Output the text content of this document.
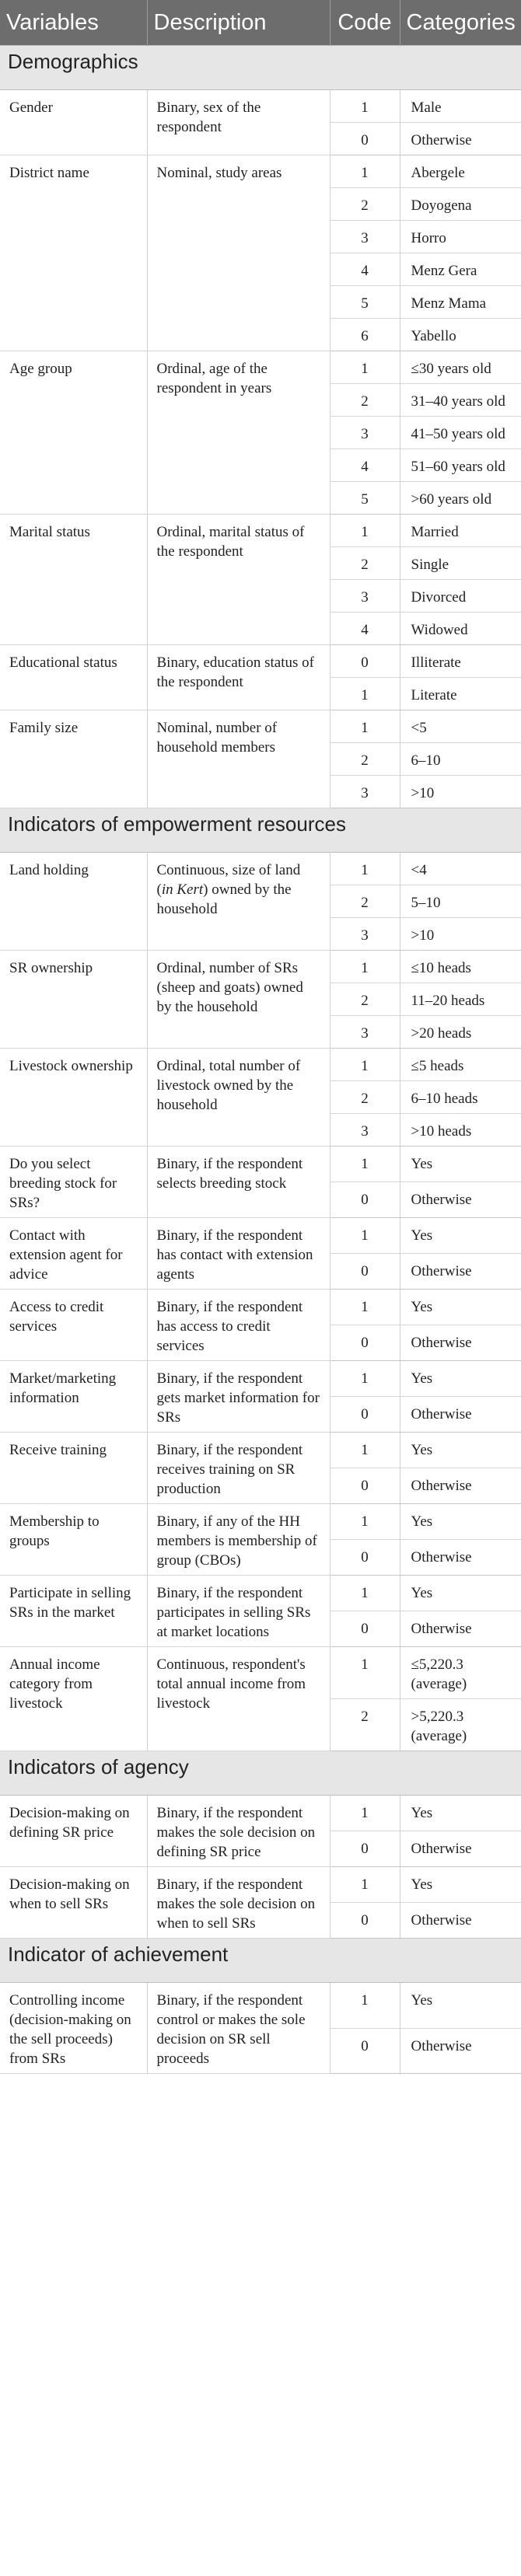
Variables	Description	Code	Categories
Demographics			
Gender	Binary, sex of the respondent	1	Male
		0	Otherwise
District name	Nominal, study areas	1	Abergele
		2	Doyogena
		3	Horro
		4	Menz Gera
		5	Menz Mama
		6	Yabello
Age group	Ordinal, age of the respondent in years	1	≤30 years old
		2	31–40 years old
		3	41–50 years old
		4	51–60 years old
		5	>60 years old
Marital status	Ordinal, marital status of the respondent	1	Married
		2	Single
		3	Divorced
		4	Widowed
Educational status	Binary, education status of the respondent	0	Illiterate
		1	Literate
Family size	Nominal, number of household members	1	<5
		2	6–10
		3	>10
Indicators of empowerment resources			
Land holding	Continuous, size of land (in Kert) owned by the household	1	<4
		2	5–10
		3	>10
SR ownership	Ordinal, number of SRs (sheep and goats) owned by the household	1	≤10 heads
		2	11–20 heads
		3	>20 heads
Livestock ownership	Ordinal, total number of livestock owned by the household	1	≤5 heads
		2	6–10 heads
		3	>10 heads
Do you select breeding stock for SRs?	Binary, if the respondent selects breeding stock	1	Yes
		0	Otherwise
Contact with extension agent for advice	Binary, if the respondent has contact with extension agents	1	Yes
		0	Otherwise
Access to credit services	Binary, if the respondent has access to credit services	1	Yes
		0	Otherwise
Market/marketing information	Binary, if the respondent gets market information for SRs	1	Yes
		0	Otherwise
Receive training	Binary, if the respondent receives training on SR production	1	Yes
		0	Otherwise
Membership to groups	Binary, if any of the HH members is membership of group (CBOs)	1	Yes
		0	Otherwise
Participate in selling SRs in the market	Binary, if the respondent participates in selling SRs at market locations	1	Yes
		0	Otherwise
Annual income category from livestock	Continuous, respondent's total annual income from livestock	1	≤5,220.3 (average)
		2	>5,220.3 (average)
Indicators of agency			
Decision-making on defining SR price	Binary, if the respondent makes the sole decision on defining SR price	1	Yes
		0	Otherwise
Decision-making on when to sell SRs	Binary, if the respondent makes the sole decision on when to sell SRs	1	Yes
		0	Otherwise
Indicator of achievement			
Controlling income (decision-making on the sell proceeds) from SRs	Binary, if the respondent control or makes the sole decision on SR sell proceeds	1	Yes
		0	Otherwise
